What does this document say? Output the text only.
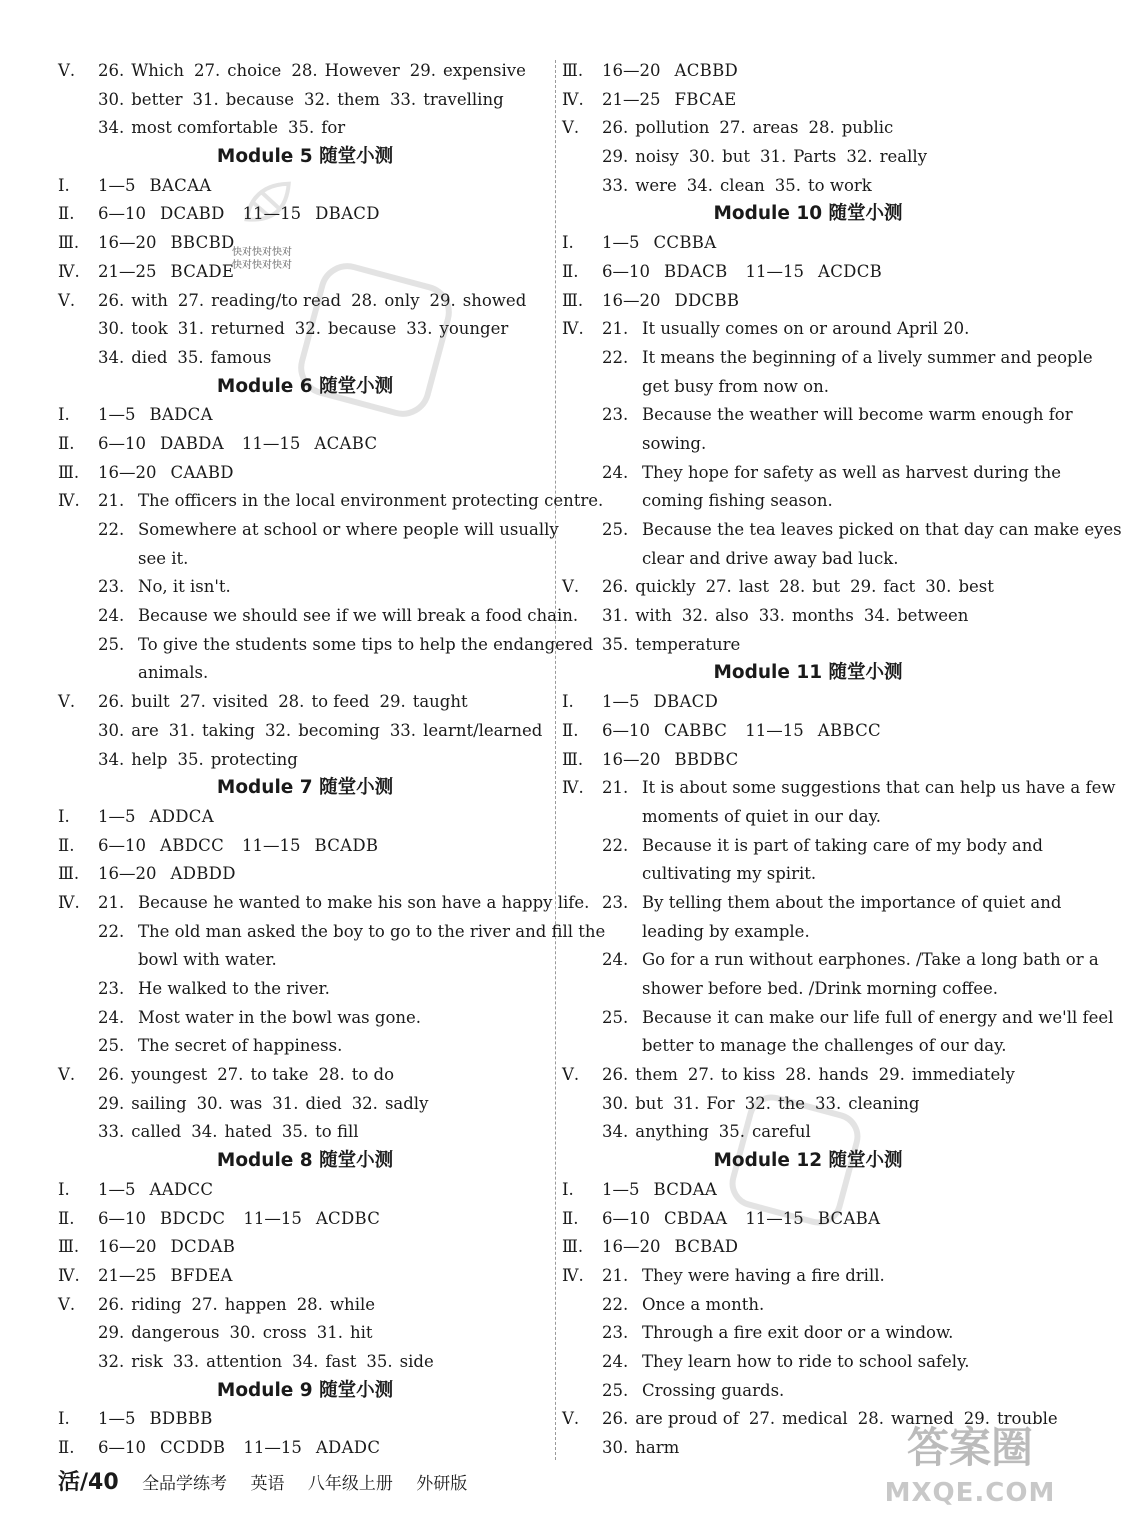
Ⅴ. 26. Which 27. choice 28. However 29. expensive
30. better 31. because 32. them 33. travelling
34. most comfortable 35. for
Module 5 随堂小测
Ⅰ. 1—5 BACAA
Ⅱ. 6—10 DCABD 11—15 DBACD
Ⅲ. 16—20 BBCBD
Ⅳ. 21—25 BCADE
Ⅴ. 26. with 27. reading/to read 28. only 29. showed
30. took 31. returned 32. because 33. younger
34. died 35. famous
Module 6 随堂小测
Ⅰ. 1—5 BADCA
Ⅱ. 6—10 DABDA 11—15 ACABC
Ⅲ. 16—20 CAABD
Ⅳ. 21. The officers in the local environment protecting centre.
22. Somewhere at school or where people will usually
see it.
23. No, it isn't.
24. Because we should see if we will break a food chain.
25. To give the students some tips to help the endangered
animals.
Ⅴ. 26. built 27. visited 28. to feed 29. taught
30. are 31. taking 32. becoming 33. learnt/learned
34. help 35. protecting
Module 7 随堂小测
Ⅰ. 1—5 ADDCA
Ⅱ. 6—10 ABDCC 11—15 BCADB
Ⅲ. 16—20 ADBDD
Ⅳ. 21. Because he wanted to make his son have a happy life.
22. The old man asked the boy to go to the river and fill the
bowl with water.
23. He walked to the river.
24. Most water in the bowl was gone.
25. The secret of happiness.
Ⅴ. 26. youngest 27. to take 28. to do
29. sailing 30. was 31. died 32. sadly
33. called 34. hated 35. to fill
Module 8 随堂小测
Ⅰ. 1—5 AADCC
Ⅱ. 6—10 BDCDC 11—15 ACDBC
Ⅲ. 16—20 DCDAB
Ⅳ. 21—25 BFDEA
Ⅴ. 26. riding 27. happen 28. while
29. dangerous 30. cross 31. hit
32. risk 33. attention 34. fast 35. side
Module 9 随堂小测
Ⅰ. 1—5 BDBBB
Ⅱ. 6—10 CCDDB 11—15 ADADC
Ⅲ. 16—20 ACBBD
Ⅳ. 21—25 FBCAE
Ⅴ. 26. pollution 27. areas 28. public
29. noisy 30. but 31. Parts 32. really
33. were 34. clean 35. to work
Module 10 随堂小测
Ⅰ. 1—5 CCBBA
Ⅱ. 6—10 BDACB 11—15 ACDCB
Ⅲ. 16—20 DDCBB
Ⅳ. 21. It usually comes on or around April 20.
22. It means the beginning of a lively summer and people
get busy from now on.
23. Because the weather will become warm enough for
sowing.
24. They hope for safety as well as harvest during the
coming fishing season.
25. Because the tea leaves picked on that day can make eyes
clear and drive away bad luck.
Ⅴ. 26. quickly 27. last 28. but 29. fact 30. best
31. with 32. also 33. months 34. between
35. temperature
Module 11 随堂小测
Ⅰ. 1—5 DBACD
Ⅱ. 6—10 CABBC 11—15 ABBCC
Ⅲ. 16—20 BBDBC
Ⅳ. 21. It is about some suggestions that can help us have a few
moments of quiet in our day.
22. Because it is part of taking care of my body and
cultivating my spirit.
23. By telling them about the importance of quiet and
leading by example.
24. Go for a run without earphones. /Take a long bath or a
shower before bed. /Drink morning coffee.
25. Because it can make our life full of energy and we'll feel
better to manage the challenges of our day.
Ⅴ. 26. them 27. to kiss 28. hands 29. immediately
30. but 31. For 32. the 33. cleaning
34. anything 35. careful
Module 12 随堂小测
Ⅰ. 1—5 BCDAA
Ⅱ. 6—10 CBDAA 11—15 BCABA
Ⅲ. 16—20 BCBAD
Ⅳ. 21. They were having a fire drill.
22. Once a month.
23. Through a fire exit door or a window.
24. They learn how to ride to school safely.
25. Crossing guards.
Ⅴ. 26. are proud of 27. medical 28. warned 29. trouble
30. harm
快对快对快对
快对快对快对
答案圈
MXQE.COM
活/40 全品学练考 英语 八年级上册 外研版
